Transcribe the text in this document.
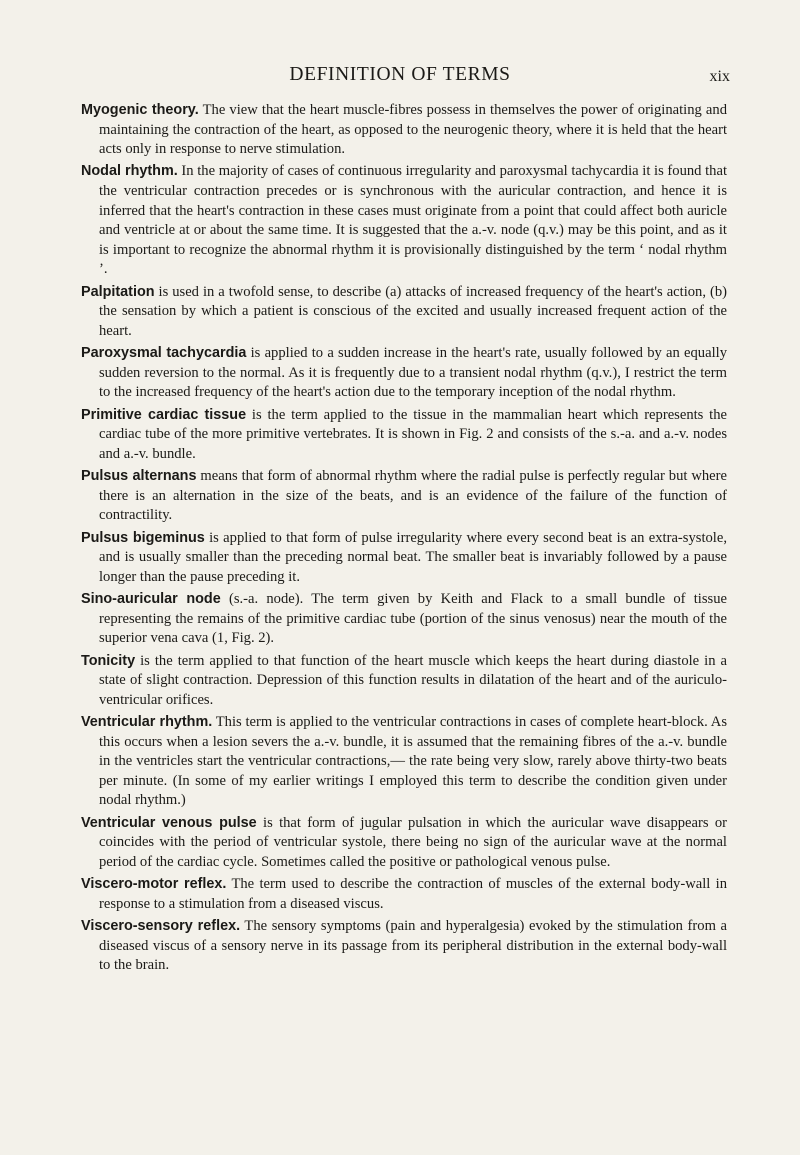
DEFINITION OF TERMS	xix

Myogenic theory. The view that the heart muscle-fibres possess in themselves the power of originating and maintaining the contraction of the heart, as opposed to the neurogenic theory, where it is held that the heart acts only in response to nerve stimulation.

Nodal rhythm. In the majority of cases of continuous irregularity and paroxysmal tachycardia it is found that the ventricular contraction precedes or is synchronous with the auricular contraction, and hence it is inferred that the heart's contraction in these cases must originate from a point that could affect both auricle and ventricle at or about the same time. It is suggested that the a.-v. node (q.v.) may be this point, and as it is important to recognize the abnormal rhythm it is provisionally distinguished by the term ‘ nodal rhythm ’.

Palpitation is used in a twofold sense, to describe (a) attacks of increased frequency of the heart's action, (b) the sensation by which a patient is conscious of the excited and usually increased frequent action of the heart.

Paroxysmal tachycardia is applied to a sudden increase in the heart's rate, usually followed by an equally sudden reversion to the normal. As it is frequently due to a transient nodal rhythm (q.v.), I restrict the term to the increased frequency of the heart's action due to the temporary inception of the nodal rhythm.

Primitive cardiac tissue is the term applied to the tissue in the mammalian heart which represents the cardiac tube of the more primitive vertebrates. It is shown in Fig. 2 and consists of the s.-a. and a.-v. nodes and a.-v. bundle.

Pulsus alternans means that form of abnormal rhythm where the radial pulse is perfectly regular but where there is an alternation in the size of the beats, and is an evidence of the failure of the function of contractility.

Pulsus bigeminus is applied to that form of pulse irregularity where every second beat is an extra-systole, and is usually smaller than the preceding normal beat. The smaller beat is invariably followed by a pause longer than the pause preceding it.

Sino-auricular node (s.-a. node). The term given by Keith and Flack to a small bundle of tissue representing the remains of the primitive cardiac tube (portion of the sinus venosus) near the mouth of the superior vena cava (1, Fig. 2).

Tonicity is the term applied to that function of the heart muscle which keeps the heart during diastole in a state of slight contraction. Depression of this function results in dilatation of the heart and of the auriculo-ventricular orifices.

Ventricular rhythm. This term is applied to the ventricular contractions in cases of complete heart-block. As this occurs when a lesion severs the a.-v. bundle, it is assumed that the remaining fibres of the a.-v. bundle in the ventricles start the ventricular contractions,— the rate being very slow, rarely above thirty-two beats per minute. (In some of my earlier writings I employed this term to describe the condition given under nodal rhythm.)

Ventricular venous pulse is that form of jugular pulsation in which the auricular wave disappears or coincides with the period of ventricular systole, there being no sign of the auricular wave at the normal period of the cardiac cycle. Sometimes called the positive or pathological venous pulse.

Viscero-motor reflex. The term used to describe the contraction of muscles of the external body-wall in response to a stimulation from a diseased viscus.

Viscero-sensory reflex. The sensory symptoms (pain and hyperalgesia) evoked by the stimulation from a diseased viscus of a sensory nerve in its passage from its peripheral distribution in the external body-wall to the brain.
